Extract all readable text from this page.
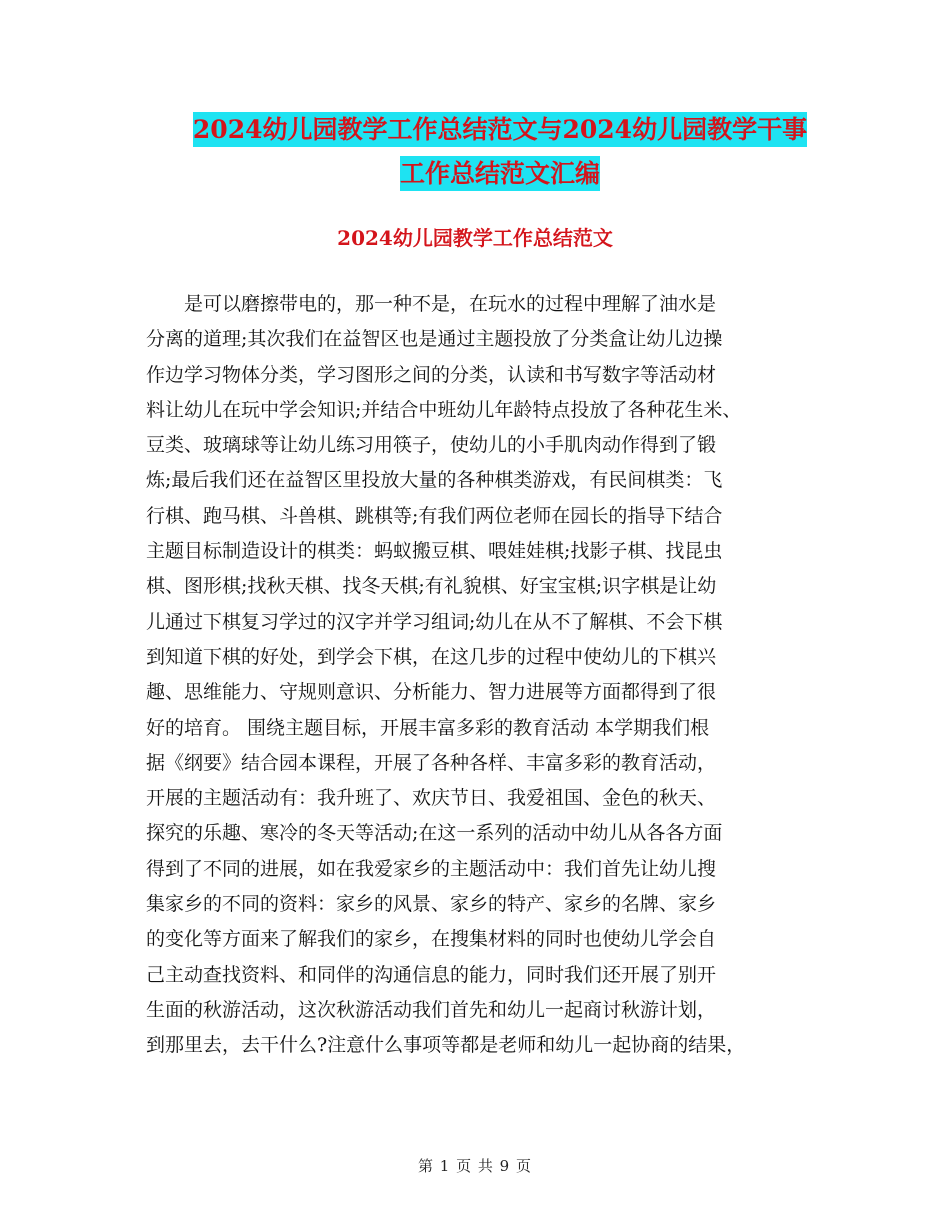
2024幼儿园教学工作总结范文与2024幼儿园教学干事
工作总结范文汇编
2024幼儿园教学工作总结范文
是可以磨擦带电的，那一种不是，在玩水的过程中理解了油水是
分离的道理;其次我们在益智区也是通过主题投放了分类盒让幼儿边操
作边学习物体分类，学习图形之间的分类，认读和书写数字等活动材
料让幼儿在玩中学会知识;并结合中班幼儿年龄特点投放了各种花生米、
豆类、玻璃球等让幼儿练习用筷子，使幼儿的小手肌肉动作得到了锻
炼;最后我们还在益智区里投放大量的各种棋类游戏，有民间棋类：飞
行棋、跑马棋、斗兽棋、跳棋等;有我们两位老师在园长的指导下结合
主题目标制造设计的棋类：蚂蚁搬豆棋、喂娃娃棋;找影子棋、找昆虫
棋、图形棋;找秋天棋、找冬天棋;有礼貌棋、好宝宝棋;识字棋是让幼
儿通过下棋复习学过的汉字并学习组词;幼儿在从不了解棋、不会下棋
到知道下棋的好处，到学会下棋，在这几步的过程中使幼儿的下棋兴
趣、思维能力、守规则意识、分析能力、智力进展等方面都得到了很
好的培育。 围绕主题目标，开展丰富多彩的教育活动 本学期我们根
据《纲要》结合园本课程，开展了各种各样、丰富多彩的教育活动，
开展的主题活动有：我升班了、欢庆节日、我爱祖国、金色的秋天、
探究的乐趣、寒冷的冬天等活动;在这一系列的活动中幼儿从各各方面
得到了不同的进展，如在我爱家乡的主题活动中：我们首先让幼儿搜
集家乡的不同的资料：家乡的风景、家乡的特产、家乡的名牌、家乡
的变化等方面来了解我们的家乡，在搜集材料的同时也使幼儿学会自
己主动查找资料、和同伴的沟通信息的能力，同时我们还开展了别开
生面的秋游活动，这次秋游活动我们首先和幼儿一起商讨秋游计划，
到那里去，去干什么?注意什么事项等都是老师和幼儿一起协商的结果，
第 1 页 共 9 页
